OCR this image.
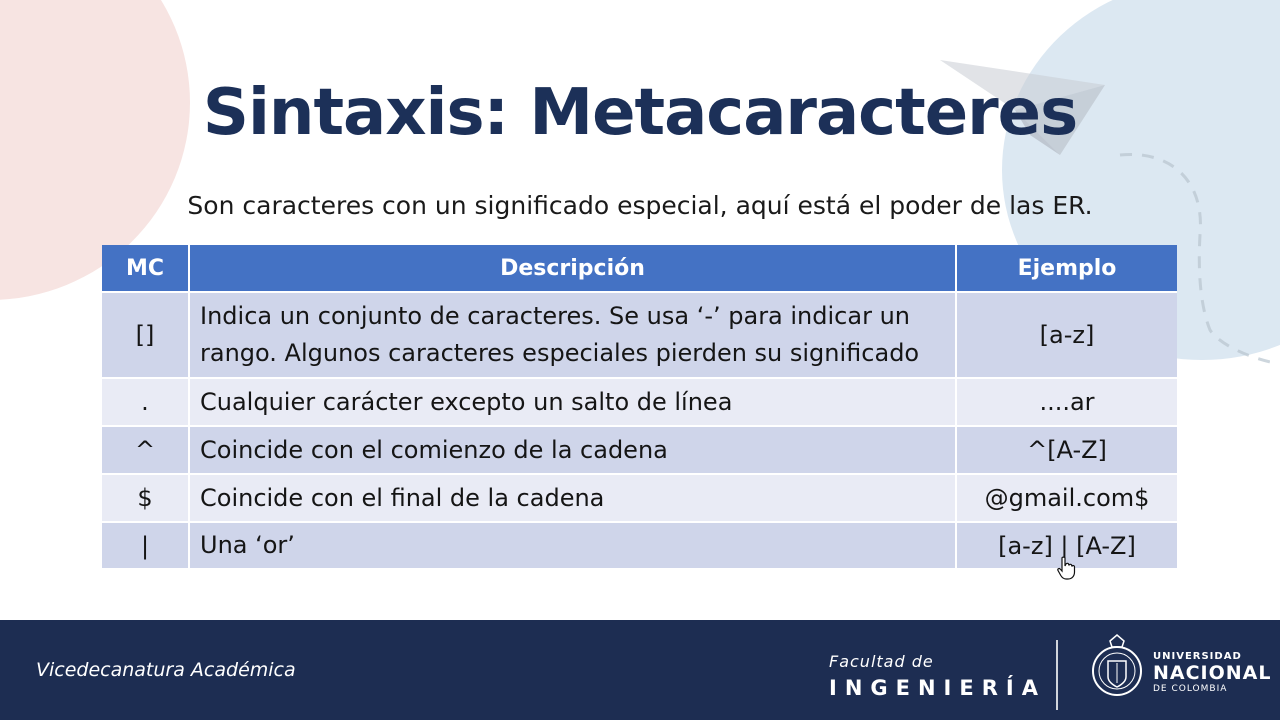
Sintaxis: Metacaracteres

Son caracteres con un significado especial, aquí está el poder de las ER.

MC	Descripción	Ejemplo
[]	Indica un conjunto de caracteres. Se usa ‘-’ para indicar un rango. Algunos caracteres especiales pierden su significado	[a-z]
.	Cualquier carácter excepto un salto de línea	....ar
^	Coincide con el comienzo de la cadena	^[A-Z]
$	Coincide con el final de la cadena	@gmail.com$
|	Una ‘or’	[a-z] | [A-Z]
Vicedecanatura Académica	Facultad de
INGENIERÍA
UNIVERSIDAD
NACIONAL
DE COLOMBIA
